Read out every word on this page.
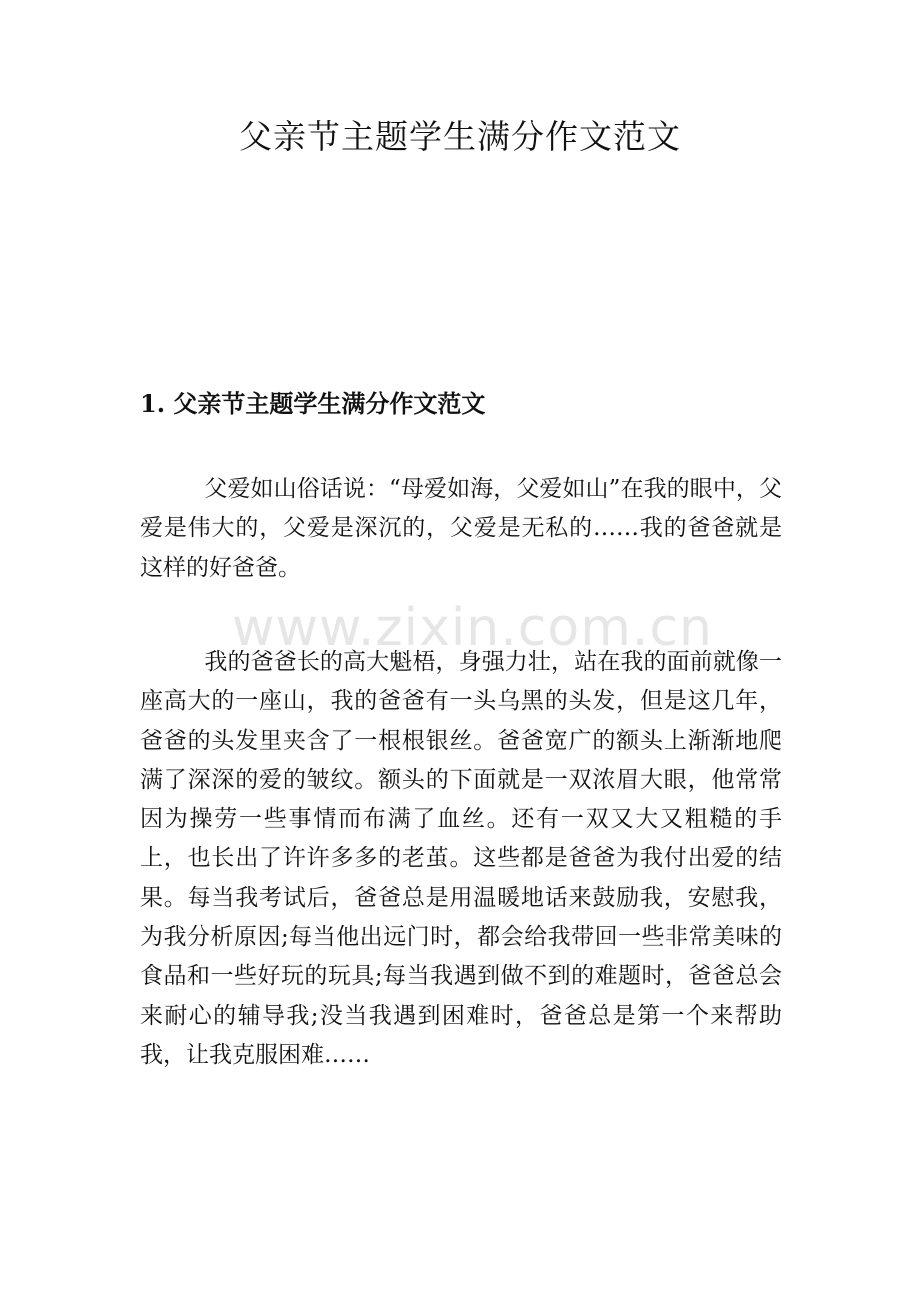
父亲节主题学生满分作文范文
1. 父亲节主题学生满分作文范文

父爱如山俗话说：“母爱如海，父爱如山”在我的眼中，父爱是伟大的，父爱是深沉的，父爱是无私的……我的爸爸就是这样的好爸爸。

www.zixin.com.cn

我的爸爸长的高大魁梧，身强力壮，站在我的面前就像一座高大的一座山，我的爸爸有一头乌黑的头发，但是这几年，爸爸的头发里夹含了一根根银丝。爸爸宽广的额头上渐渐地爬满了深深的爱的皱纹。额头的下面就是一双浓眉大眼，他常常因为操劳一些事情而布满了血丝。还有一双又大又粗糙的手上，也长出了许许多多的老茧。这些都是爸爸为我付出爱的结果。每当我考试后，爸爸总是用温暖地话来鼓励我，安慰我，为我分析原因;每当他出远门时，都会给我带回一些非常美味的食品和一些好玩的玩具;每当我遇到做不到的难题时，爸爸总会来耐心的辅导我;没当我遇到困难时，爸爸总是第一个来帮助我，让我克服困难……
